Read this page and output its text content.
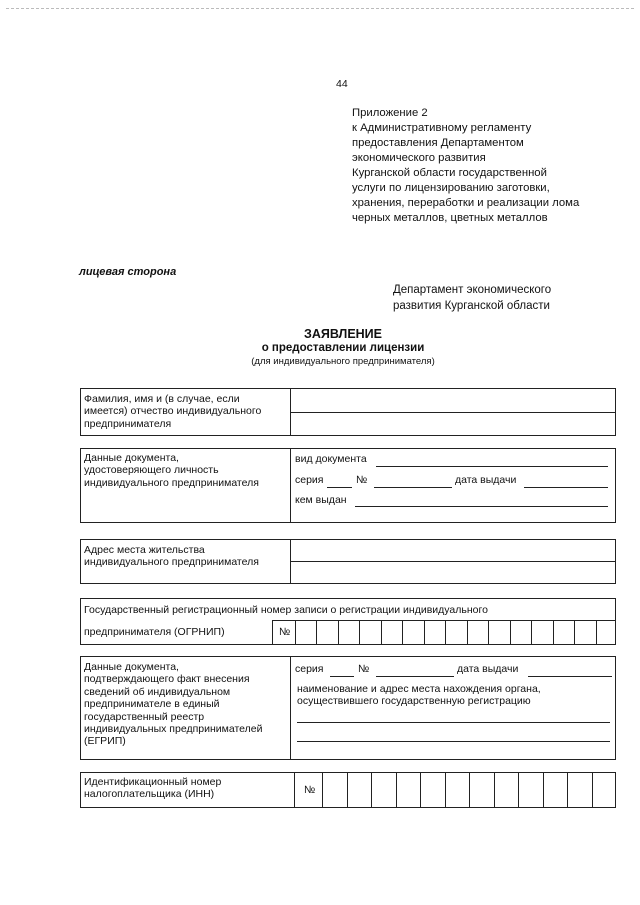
44
Приложение 2
к Административному регламенту
предоставления Департаментом
экономического развития
Курганской области государственной
услуги по лицензированию заготовки,
хранения, переработки и реализации лома
черных металлов, цветных металлов
лицевая сторона
Департамент экономического
развития Курганской области
ЗАЯВЛЕНИЕ
о предоставлении лицензии
(для индивидуального предпринимателя)
Фамилия, имя и (в случае, если
имеется) отчество индивидуального
предпринимателя
Данные документа,
удостоверяющего личность
индивидуального предпринимателя
вид документа
серия	№	дата выдачи
кем выдан
Адрес места жительства
индивидуального предпринимателя
Государственный регистрационный номер записи о регистрации индивидуального
предпринимателя (ОГРНИП)	№
Данные документа,
подтверждающего факт внесения
сведений об индивидуальном
предпринимателе в единый
государственный реестр
индивидуальных предпринимателей
(ЕГРИП)
серия	№	дата выдачи
наименование и адрес места нахождения органа,
осуществившего государственную регистрацию
Идентификационный номер
налогоплательщика (ИНН)	№
